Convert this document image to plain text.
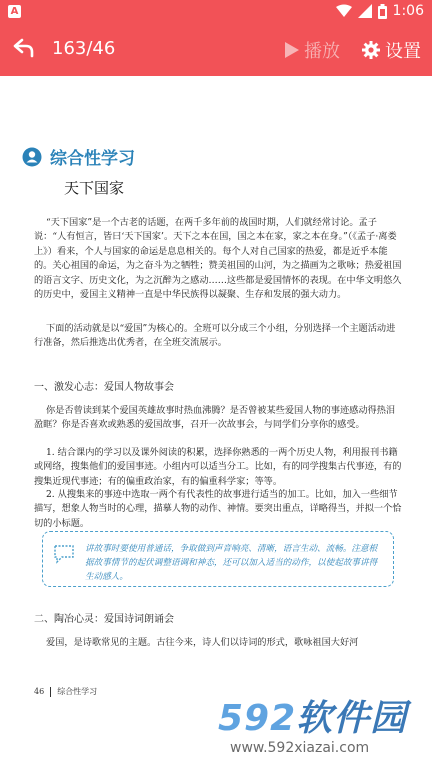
A	1:06
163/46	播放	设置
综合性学习
天下国家

“天下国家”是一个古老的话题，在两千多年前的战国时期，人们就经常讨论。孟子说：“人有恒言，皆曰‘天下国家’。天下之本在国，国之本在家，家之本在身。”（《孟子·离娄上》）看来，个人与国家的命运是息息相关的。每个人对自己国家的热爱，都是近乎本能的。关心祖国的命运，为之奋斗为之牺牲；赞美祖国的山河，为之描画为之歌咏；热爱祖国的语言文字、历史文化，为之沉醉为之感动……这些都是爱国情怀的表现。在中华文明悠久的历史中，爱国主义精神一直是中华民族得以凝聚、生存和发展的强大动力。

下面的活动就是以“爱国”为核心的。全班可以分成三个小组，分别选择一个主题活动进行准备，然后推选出优秀者，在全班交流展示。

一、激发心志：爱国人物故事会

你是否曾读到某个爱国英雄故事时热血沸腾？是否曾被某些爱国人物的事迹感动得热泪盈眶？你是否喜欢或熟悉的爱国故事，召开一次故事会，与同学们分享你的感受。

1. 结合课内的学习以及课外阅读的积累，选择你熟悉的一两个历史人物，利用报刊书籍或网络，搜集他们的爱国事迹。小组内可以适当分工。比如，有的同学搜集古代事迹，有的搜集近现代事迹；有的偏重政治家，有的偏重科学家；等等。

2. 从搜集来的事迹中选取一两个有代表性的故事进行适当的加工。比如，加入一些细节描写，想象人物当时的心理，描摹人物的动作、神情。要突出重点，详略得当，并拟一个恰切的小标题。

讲故事时要使用普通话，争取做到声音响亮、清晰，语言生动、流畅。注意根据故事情节的起伏调整语调和神态，还可以加入适当的动作，以使起故事讲得生动感人。
二、陶冶心灵：爱国诗词朗诵会

爱国，是诗歌常见的主题。古往今来，诗人们以诗词的形式，歌咏祖国大好河

46 综合性学习
592软件园
www.592xiazai.com
